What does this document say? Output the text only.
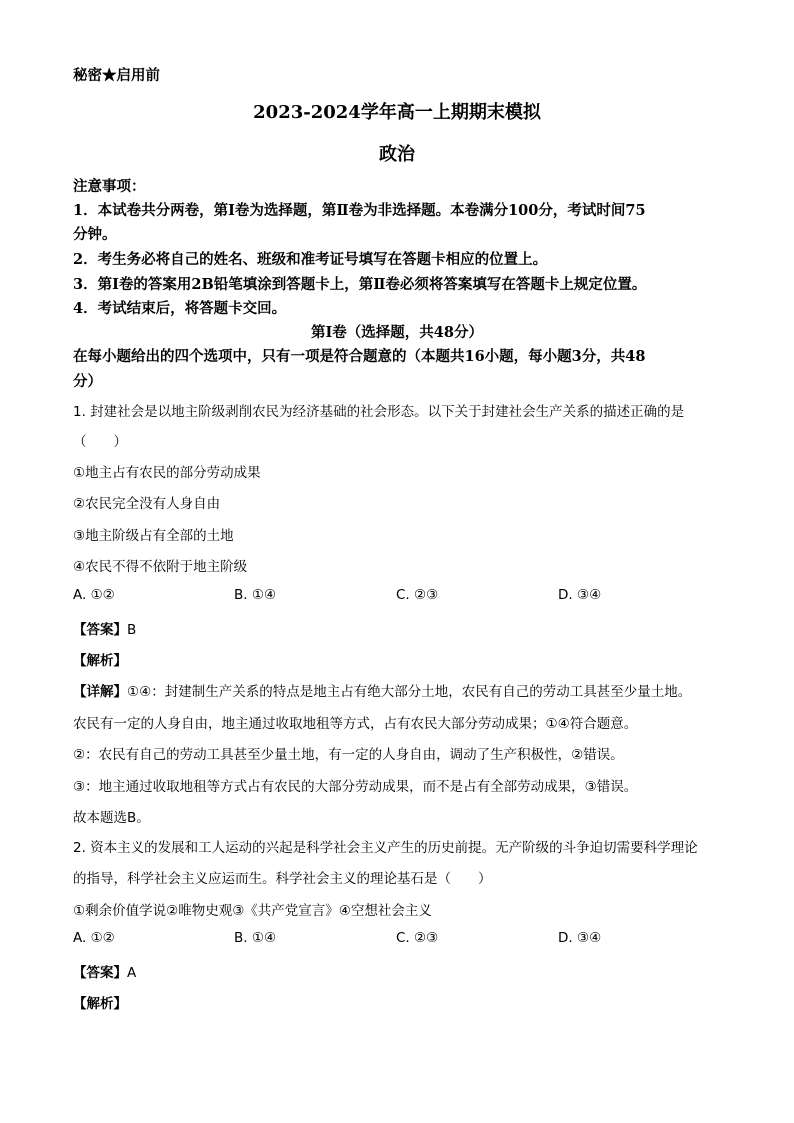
秘密★启用前
2023-2024学年高一上期期末模拟
政治
注意事项：
1．本试卷共分两卷，第Ⅰ卷为选择题，第Ⅱ卷为非选择题。本卷满分100分，考试时间75
分钟。
2．考生务必将自己的姓名、班级和准考证号填写在答题卡相应的位置上。
3．第Ⅰ卷的答案用2B铅笔填涂到答题卡上，第Ⅱ卷必须将答案填写在答题卡上规定位置。
4．考试结束后，将答题卡交回。
第Ⅰ卷（选择题，共48分）
在每小题给出的四个选项中，只有一项是符合题意的（本题共16小题，每小题3分，共48
分）
1. 封建社会是以地主阶级剥削农民为经济基础的社会形态。以下关于封建社会生产关系的描述正确的是
（　　）
①地主占有农民的部分劳动成果
②农民完全没有人身自由
③地主阶级占有全部的土地
④农民不得不依附于地主阶级
A. ①②	B. ①④	C. ②③	D. ③④
【答案】B
【解析】
【详解】①④：封建制生产关系的特点是地主占有绝大部分土地，农民有自己的劳动工具甚至少量土地。
农民有一定的人身自由，地主通过收取地租等方式，占有农民大部分劳动成果；①④符合题意。
②：农民有自己的劳动工具甚至少量土地，有一定的人身自由，调动了生产积极性，②错误。
③：地主通过收取地租等方式占有农民的大部分劳动成果，而不是占有全部劳动成果，③错误。
故本题选B。
2. 资本主义的发展和工人运动的兴起是科学社会主义产生的历史前提。无产阶级的斗争迫切需要科学理论
的指导，科学社会主义应运而生。科学社会主义的理论基石是（　　）
①剩余价值学说②唯物史观③《共产党宣言》④空想社会主义
A. ①②	B. ①④	C. ②③	D. ③④
【答案】A
【解析】
